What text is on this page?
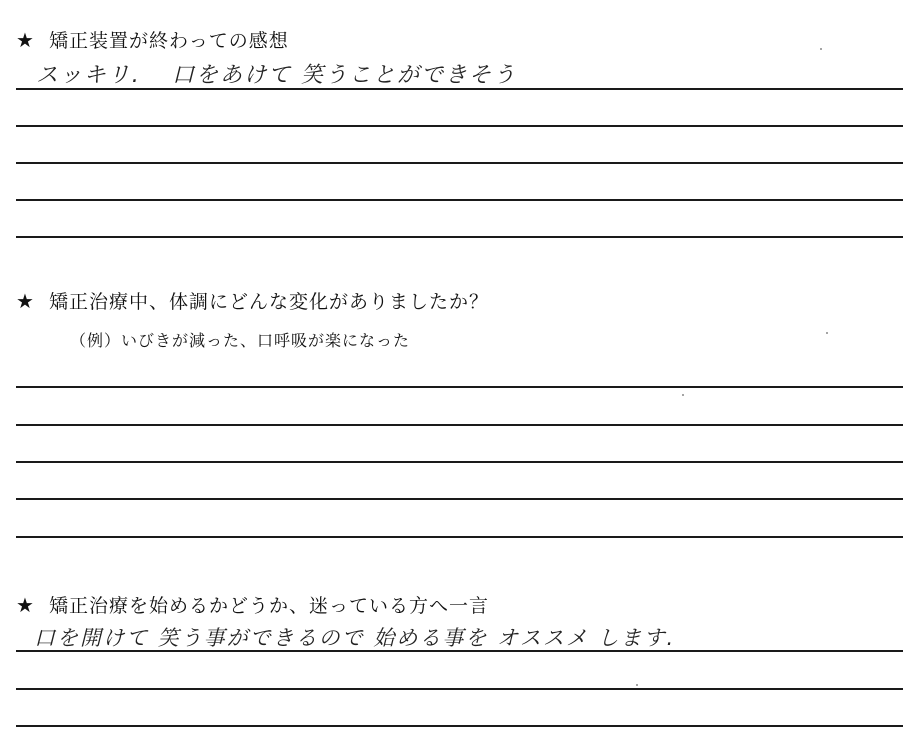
★ 矯正装置が終わっての感想
スッキリ. 口をあけて 笑うことができそう
★ 矯正治療中、体調にどんな変化がありましたか？
（例）いびきが減った、口呼吸が楽になった
★ 矯正治療を始めるかどうか、迷っている方へ一言
口を開けて 笑う事ができるので 始める事を オススメ します.
